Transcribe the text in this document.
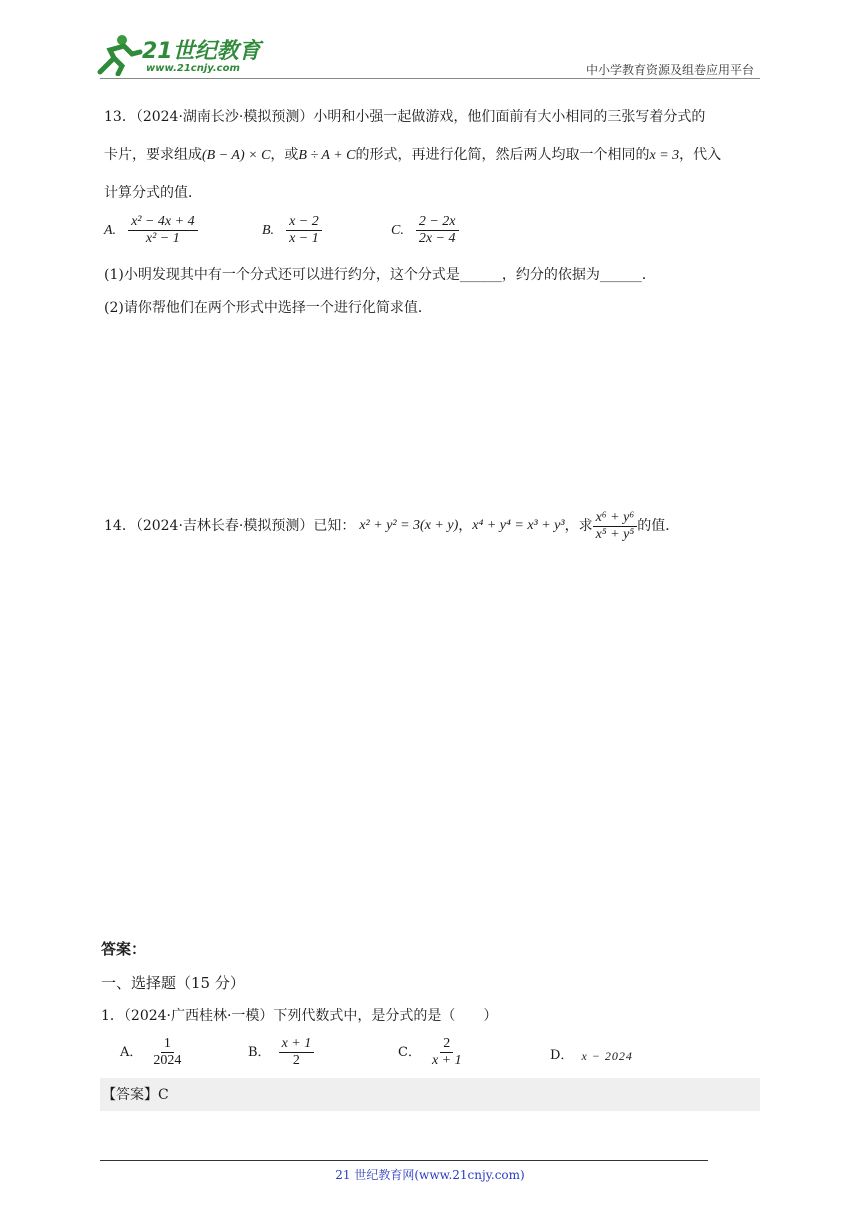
21世纪教育
www.21cnjy.com	中小学教育资源及组卷应用平台
13．（2024·湖南长沙·模拟预测）小明和小强一起做游戏，他们面前有大小相同的三张写着分式的
卡片，要求组成(B − A) × C，或B ÷ A + C的形式，再进行化简，然后两人均取一个相同的x = 3，代入
计算分式的值．
A. $\frac{\text{x² − 4x + 4}}{\text{x² − 1}}$	B. $\frac{x - 2}{x - 1}$	C. $\frac{2 - 2x}{2x - 4}$
(1)小明发现其中有一个分式还可以进行约分，这个分式是______，约分的依据为______．
(2)请你帮他们在两个形式中选择一个进行化简求值．
14．（2024·吉林长春·模拟预测）已知： x² + y² = 3(x + y) ， x⁴ + y⁴ = x³ + y³ ，求 $\frac{\text{x⁶ + y⁶}}{\text{x⁵ + y⁵}}$ 的值．
答案：
一、选择题（15 分）
1．（2024·广西桂林·一模）下列代数式中，是分式的是（　　）
A． $\frac{1}{2024}$	B． $\frac{x + 1}{2}$	C． $\frac{2}{x + 1}$	D． x − 2024
【答案】C
21 世纪教育网(www.21cnjy.com)
